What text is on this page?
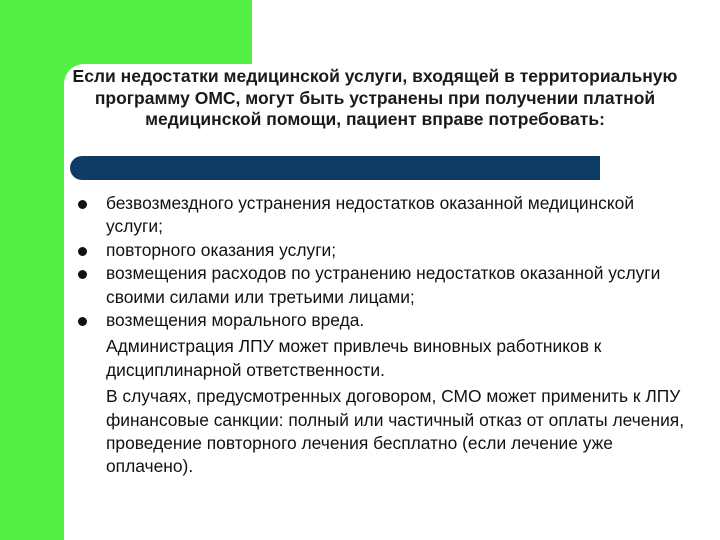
Если недостатки медицинской услуги, входящей в территориальную программу ОМС, могут быть устранены при получении платной медицинской помощи, пациент вправе потребовать:
безвозмездного устранения недостатков оказанной медицинской услуги;
повторного оказания услуги;
возмещения расходов по устранению недостатков оказанной услуги своими силами или третьими лицами;
возмещения морального вреда.
Администрация ЛПУ может привлечь виновных работников к дисциплинарной ответственности.
В случаях, предусмотренных договором, СМО может применить к ЛПУ финансовые санкции: полный или частичный отказ от оплаты лечения, проведение повторного лечения бесплатно (если лечение уже оплачено).
